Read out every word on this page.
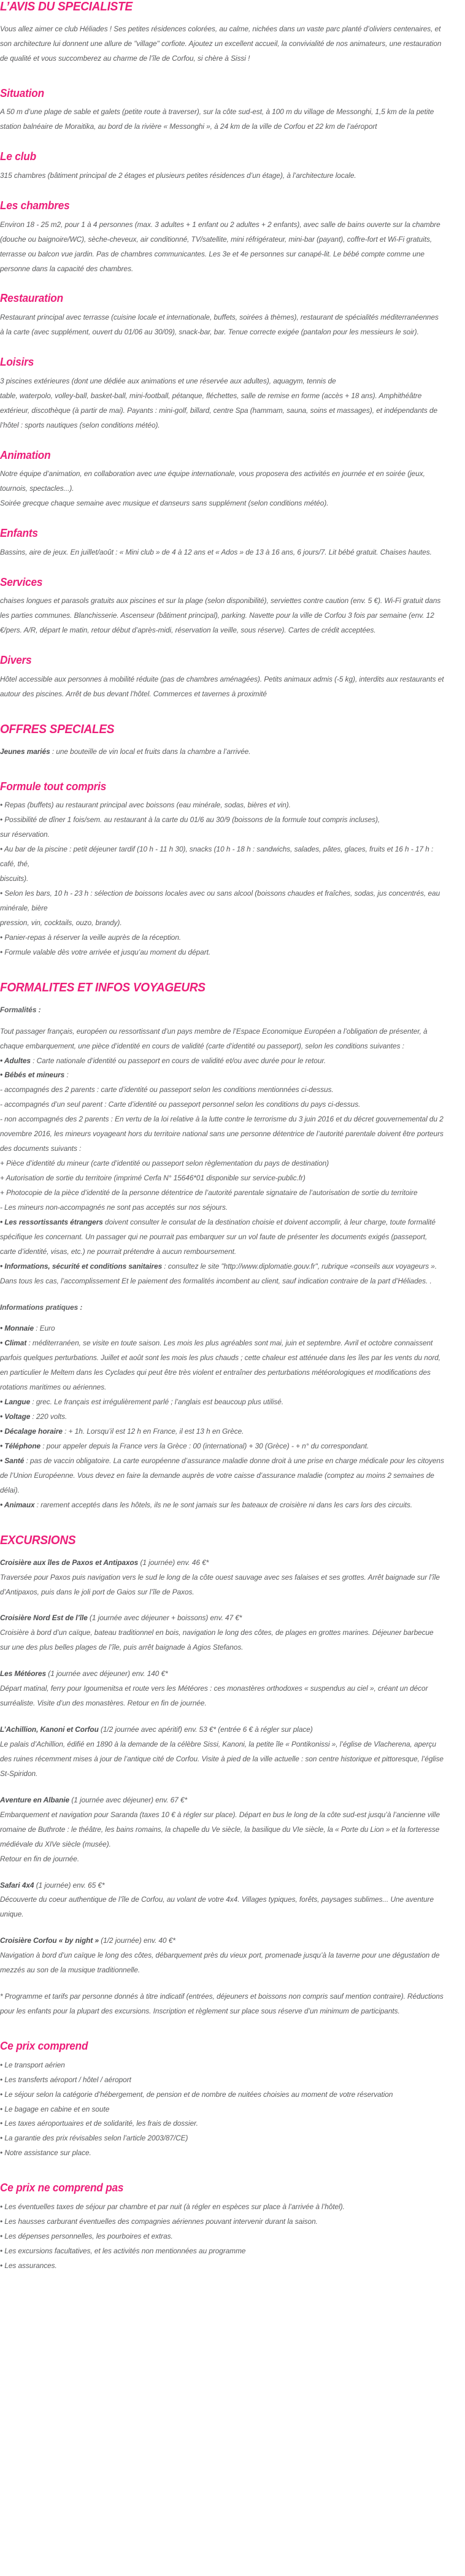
L’AVIS DU SPECIALISTE

Vous allez aimer ce club Héliades ! Ses petites résidences colorées, au calme, nichées dans un vaste parc planté d’oliviers centenaires, et son architecture lui donnent une allure de "village" corfiote. Ajoutez un excellent accueil, la convivialité de nos animateurs, une restauration de qualité et vous succomberez au charme de l’île de Corfou, si chère à Sissi !

Situation

A 50 m d’une plage de sable et galets (petite route à traverser), sur la côte sud-est, à 100 m du village de Messonghi, 1,5 km de la petite station balnéaire de Moraitika, au bord de la rivière « Messonghi », à 24 km de la ville de Corfou et 22 km de l’aéroport

Le club

315 chambres (bâtiment principal de 2 étages et plusieurs petites résidences d’un étage), à l’architecture locale.

Les chambres

Environ 18 - 25 m2, pour 1 à 4 personnes (max. 3 adultes + 1 enfant ou 2 adultes + 2 enfants), avec salle de bains ouverte sur la chambre (douche ou baignoire/WC), sèche-cheveux, air conditionné, TV/satellite, mini réfrigérateur, mini-bar (payant), coffre-fort et Wi-Fi gratuits, terrasse ou balcon vue jardin. Pas de chambres communicantes. Les 3e et 4e personnes sur canapé-lit. Le bébé compte comme une personne dans la capacité des chambres.

Restauration

Restaurant principal avec terrasse (cuisine locale et internationale, buffets, soirées à thèmes), restaurant de spécialités méditerranéennes

à la carte (avec supplément, ouvert du 01/06 au 30/09), snack-bar, bar. Tenue correcte exigée (pantalon pour les messieurs le soir).

Loisirs

3 piscines extérieures (dont une dédiée aux animations et une réservée aux adultes), aquagym, tennis de

table, waterpolo, volley-ball, basket-ball, mini-football, pétanque, fléchettes, salle de remise en forme (accès + 18 ans). Amphithéâtre extérieur, discothèque (à partir de mai). Payants : mini-golf, billard, centre Spa (hammam, sauna, soins et massages), et indépendants de l’hôtel : sports nautiques (selon conditions météo).

Animation

Notre équipe d’animation, en collaboration avec une équipe internationale, vous proposera des activités en journée et en soirée (jeux, tournois, spectacles...).

Soirée grecque chaque semaine avec musique et danseurs sans supplément (selon conditions météo).

Enfants

Bassins, aire de jeux. En juillet/août : « Mini club » de 4 à 12 ans et « Ados » de 13 à 16 ans, 6 jours/7. Lit bébé gratuit. Chaises hautes.

Services

chaises longues et parasols gratuits aux piscines et sur la plage (selon disponibilité), serviettes contre caution (env. 5 €). Wi-Fi gratuit dans les parties communes. Blanchisserie. Ascenseur (bâtiment principal), parking. Navette pour la ville de Corfou 3 fois par semaine (env. 12 €/pers. A/R, départ le matin, retour début d’après-midi, réservation la veille, sous réserve). Cartes de crédit acceptées.

Divers

Hôtel accessible aux personnes à mobilité réduite (pas de chambres aménagées). Petits animaux admis (-5 kg), interdits aux restaurants et autour des piscines. Arrêt de bus devant l’hôtel. Commerces et tavernes à proximité

OFFRES SPECIALES

Jeunes mariés : une bouteille de vin local et fruits dans la chambre a l’arrivée.

Formule tout compris
• Repas (buffets) au restaurant principal avec boissons (eau minérale, sodas, bières et vin).
• Possibilité de dîner 1 fois/sem. au restaurant à la carte du 01/6 au 30/9 (boissons de la formule tout compris incluses),
sur réservation.
• Au bar de la piscine : petit déjeuner tardif (10 h - 11 h 30), snacks (10 h - 18 h : sandwichs, salades, pâtes, glaces, fruits et 16 h - 17 h : café, thé,
biscuits).
• Selon les bars, 10 h - 23 h : sélection de boissons locales avec ou sans alcool (boissons chaudes et fraîches, sodas, jus concentrés, eau minérale, bière
pression, vin, cocktails, ouzo, brandy).
• Panier-repas à réserver la veille auprès de la réception.
• Formule valable dès votre arrivée et jusqu’au moment du départ.
FORMALITES ET INFOS VOYAGEURS

Formalités :

Tout passager français, européen ou ressortissant d’un pays membre de l’Espace Economique Européen a l’obligation de présenter, à chaque embarquement, une pièce d’identité en cours de validité (carte d’identité ou passeport), selon les conditions suivantes :

• Adultes : Carte nationale d’identité ou passeport en cours de validité et/ou avec durée pour le retour.

• Bébés et mineurs :

- accompagnés des 2 parents : carte d’identité ou passeport selon les conditions mentionnées ci-dessus.
- accompagnés d’un seul parent : Carte d’identité ou passeport personnel selon les conditions du pays ci-dessus.
- non accompagnés des 2 parents : En vertu de la loi relative à la lutte contre le terrorisme du 3 juin 2016 et du décret gouvernemental du 2 novembre 2016, les mineurs voyageant hors du territoire national sans une personne détentrice de l’autorité parentale doivent être porteurs des documents suivants :
+ Pièce d’identité du mineur (carte d’identité ou passeport selon règlementation du pays de destination)
+ Autorisation de sortie du territoire (imprimé Cerfa N° 15646*01 disponible sur service-public.fr)
+ Photocopie de la pièce d’identité de la personne détentrice de l’autorité parentale signataire de l’autorisation de sortie du territoire
- Les mineurs non-accompagnés ne sont pas acceptés sur nos séjours.

• Les ressortissants étrangers doivent consulter le consulat de la destination choisie et doivent accomplir, à leur charge, toute formalité spécifique les concernant. Un passager qui ne pourrait pas embarquer sur un vol faute de présenter les documents exigés (passeport, carte d’identité, visas, etc.) ne pourrait prétendre à aucun remboursement.

• Informations, sécurité et conditions sanitaires : consultez le site "http://www.diplomatie.gouv.fr", rubrique «conseils aux voyageurs ». Dans tous les cas, l’accomplissement Et le paiement des formalités incombent au client, sauf indication contraire de la part d’Héliades. .

Informations pratiques :

• Monnaie : Euro
• Climat : méditerranéen, se visite en toute saison. Les mois les plus agréables sont mai, juin et septembre. Avril et octobre connaissent parfois quelques perturbations. Juillet et août sont les mois les plus chauds ; cette chaleur est atténuée dans les îles par les vents du nord, en particulier le Meltem dans les Cyclades qui peut être très violent et entraîner des perturbations météorologiques et modifications des rotations maritimes ou aériennes.
• Langue : grec. Le français est irrégulièrement parlé ; l’anglais est beaucoup plus utilisé.
• Voltage : 220 volts.
• Décalage horaire : + 1h. Lorsqu’il est 12 h en France, il est 13 h en Grèce.
• Téléphone : pour appeler depuis la France vers la Grèce : 00 (international) + 30 (Grèce) - + n° du correspondant.
• Santé : pas de vaccin obligatoire. La carte européenne d’assurance maladie donne droit à une prise en charge médicale pour les citoyens de l’Union Européenne. Vous devez en faire la demande auprès de votre caisse d’assurance maladie (comptez au moins 2 semaines de délai).
• Animaux : rarement acceptés dans les hôtels, ils ne le sont jamais sur les bateaux de croisière ni dans les cars lors des circuits.
EXCURSIONS

Croisière aux îles de Paxos et Antipaxos (1 journée) env. 46 €*

Traversée pour Paxos puis navigation vers le sud le long de la côte ouest sauvage avec ses falaises et ses grottes. Arrêt baignade sur l’île d’Antipaxos, puis dans le joli port de Gaios sur l’île de Paxos.

Croisière Nord Est de l’île (1 journée avec déjeuner + boissons) env. 47 €*

Croisière à bord d’un caïque, bateau traditionnel en bois, navigation le long des côtes, de plages en grottes marines. Déjeuner barbecue sur une des plus belles plages de l’île, puis arrêt baignade à Agios Stefanos.

Les Météores (1 journée avec déjeuner) env. 140 €*

Départ matinal, ferry pour Igoumenitsa et route vers les Météores : ces monastères orthodoxes « suspendus au ciel », créant un décor surréaliste. Visite d’un des monastères. Retour en fin de journée.

L’Achillion, Kanoni et Corfou (1/2 journée avec apéritif) env. 53 €* (entrée 6 € à régler sur place)

Le palais d’Achillion, édifié en 1890 à la demande de la célèbre Sissi, Kanoni, la petite île « Pontikonissi », l’église de Vlacherena, aperçu des ruines récemment mises à jour de l’antique cité de Corfou. Visite à pied de la ville actuelle : son centre historique et pittoresque, l’église St-Spiridon.

Aventure en Albanie (1 journée avec déjeuner) env. 67 €*

Embarquement et navigation pour Saranda (taxes 10 € à régler sur place). Départ en bus le long de la côte sud-est jusqu’à l’ancienne ville romaine de Buthrote : le théâtre, les bains romains, la chapelle du Ve siècle, la basilique du VIe siècle, la « Porte du Lion » et la forteresse médiévale du XIVe siècle (musée).

Retour en fin de journée.

Safari 4x4 (1 journée) env. 65 €*

Découverte du coeur authentique de l’île de Corfou, au volant de votre 4x4. Villages typiques, forêts, paysages sublimes... Une aventure unique.

Croisière Corfou « by night » (1/2 journée) env. 40 €*

Navigation à bord d’un caïque le long des côtes, débarquement près du vieux port, promenade jusqu’à la taverne pour une dégustation de mezzés au son de la musique traditionnelle.

* Programme et tarifs par personne donnés à titre indicatif (entrées, déjeuners et boissons non compris sauf mention contraire). Réductions pour les enfants pour la plupart des excursions. Inscription et règlement sur place sous réserve d’un minimum de participants.

Ce prix comprend
• Le transport aérien
• Les transferts aéroport / hôtel / aéroport
• Le séjour selon la catégorie d’hébergement, de pension et de nombre de nuitées choisies au moment de votre réservation
• Le bagage en cabine et en soute
• Les taxes aéroportuaires et de solidarité, les frais de dossier.
• La garantie des prix révisables selon l’article 2003/87/CE)
• Notre assistance sur place.
Ce prix ne comprend pas
• Les éventuelles taxes de séjour par chambre et par nuit (à régler en espèces sur place à l’arrivée à l’hôtel).
• Les hausses carburant éventuelles des compagnies aériennes pouvant intervenir durant la saison.
• Les dépenses personnelles, les pourboires et extras.
• Les excursions facultatives, et les activités non mentionnées au programme
• Les assurances.
